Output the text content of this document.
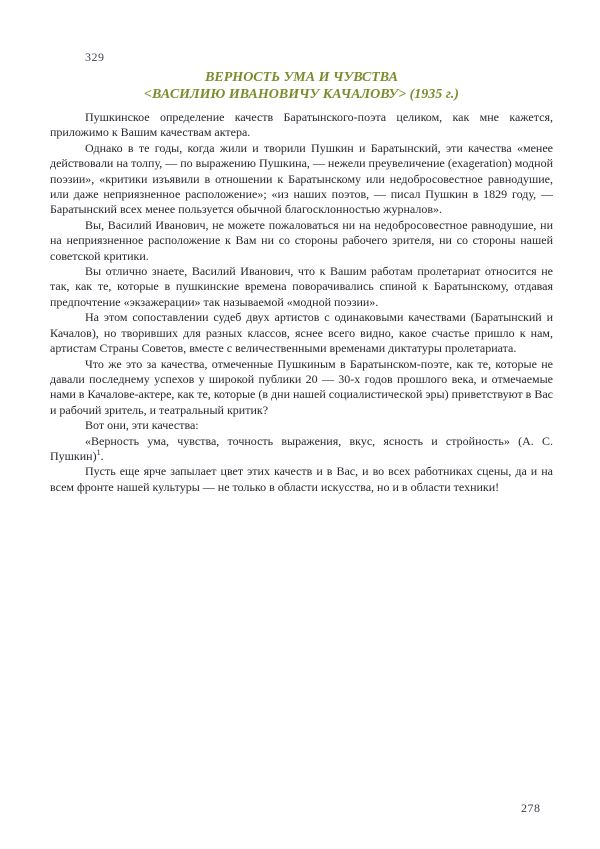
329
ВЕРНОСТЬ УМА И ЧУВСТВА
<ВАСИЛИЮ ИВАНОВИЧУ КАЧАЛОВУ> (1935 г.)

Пушкинское определение качеств Баратынского-поэта целиком, как мне кажется, приложимо к Вашим качествам актера.

Однако в те годы, когда жили и творили Пушкин и Баратынский, эти качества «менее действовали на толпу, — по выражению Пушкина, — нежели преувеличение (exageration) модной поэзии», «критики изъявили в отношении к Баратынскому или недобросовестное равнодушие, или даже неприязненное расположение»; «из наших поэтов, — писал Пушкин в 1829 году, — Баратынский всех менее пользуется обычной благосклонностью журналов».

Вы, Василий Иванович, не можете пожаловаться ни на недобросовестное равнодушие, ни на неприязненное расположение к Вам ни со стороны рабочего зрителя, ни со стороны нашей советской критики.

Вы отлично знаете, Василий Иванович, что к Вашим работам пролетариат относится не так, как те, которые в пушкинские времена поворачивались спиной к Баратынскому, отдавая предпочтение «экзажерации» так называемой «модной поэзии».

На этом сопоставлении судеб двух артистов с одинаковыми качествами (Баратынский и Качалов), но творивших для разных классов, яснее всего видно, какое счастье пришло к нам, артистам Страны Советов, вместе с величественными временами диктатуры пролетариата.

Что же это за качества, отмеченные Пушкиным в Баратынском-поэте, как те, которые не давали последнему успехов у широкой публики 20 — 30-х годов прошлого века, и отмечаемые нами в Качалове-актере, как те, которые (в дни нашей социалистической эры) приветствуют в Вас и рабочий зритель, и театральный критик?

Вот они, эти качества:

«Верность ума, чувства, точность выражения, вкус, ясность и стройность» (А. С. Пушкин)$^1$.

Пусть еще ярче запылает цвет этих качеств и в Вас, и во всех работниках сцены, да и на всем фронте нашей культуры — не только в области искусства, но и в области техники!

278
